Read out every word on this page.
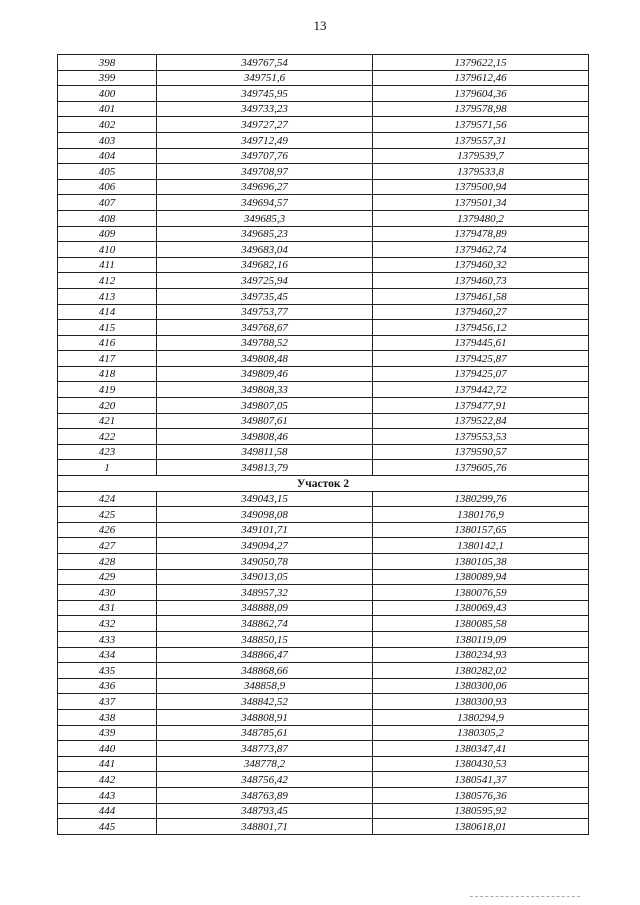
13
398	349767,54	1379622,15
399	349751,6	1379612,46
400	349745,95	1379604,36
401	349733,23	1379578,98
402	349727,27	1379571,56
403	349712,49	1379557,31
404	349707,76	1379539,7
405	349708,97	1379533,8
406	349696,27	1379500,94
407	349694,57	1379501,34
408	349685,3	1379480,2
409	349685,23	1379478,89
410	349683,04	1379462,74
411	349682,16	1379460,32
412	349725,94	1379460,73
413	349735,45	1379461,58
414	349753,77	1379460,27
415	349768,67	1379456,12
416	349788,52	1379445,61
417	349808,48	1379425,87
418	349809,46	1379425,07
419	349808,33	1379442,72
420	349807,05	1379477,91
421	349807,61	1379522,84
422	349808,46	1379553,53
423	349811,58	1379590,57
1	349813,79	1379605,76
Участок 2		
424	349043,15	1380299,76
425	349098,08	1380176,9
426	349101,71	1380157,65
427	349094,27	1380142,1
428	349050,78	1380105,38
429	349013,05	1380089,94
430	348957,32	1380076,59
431	348888,09	1380069,43
432	348862,74	1380085,58
433	348850,15	1380119,09
434	348866,47	1380234,93
435	348868,66	1380282,02
436	348858,9	1380300,06
437	348842,52	1380300,93
438	348808,91	1380294,9
439	348785,61	1380305,2
440	348773,87	1380347,41
441	348778,2	1380430,53
442	348756,42	1380541,37
443	348763,89	1380576,36
444	348793,45	1380595,92
445	348801,71	1380618,01
